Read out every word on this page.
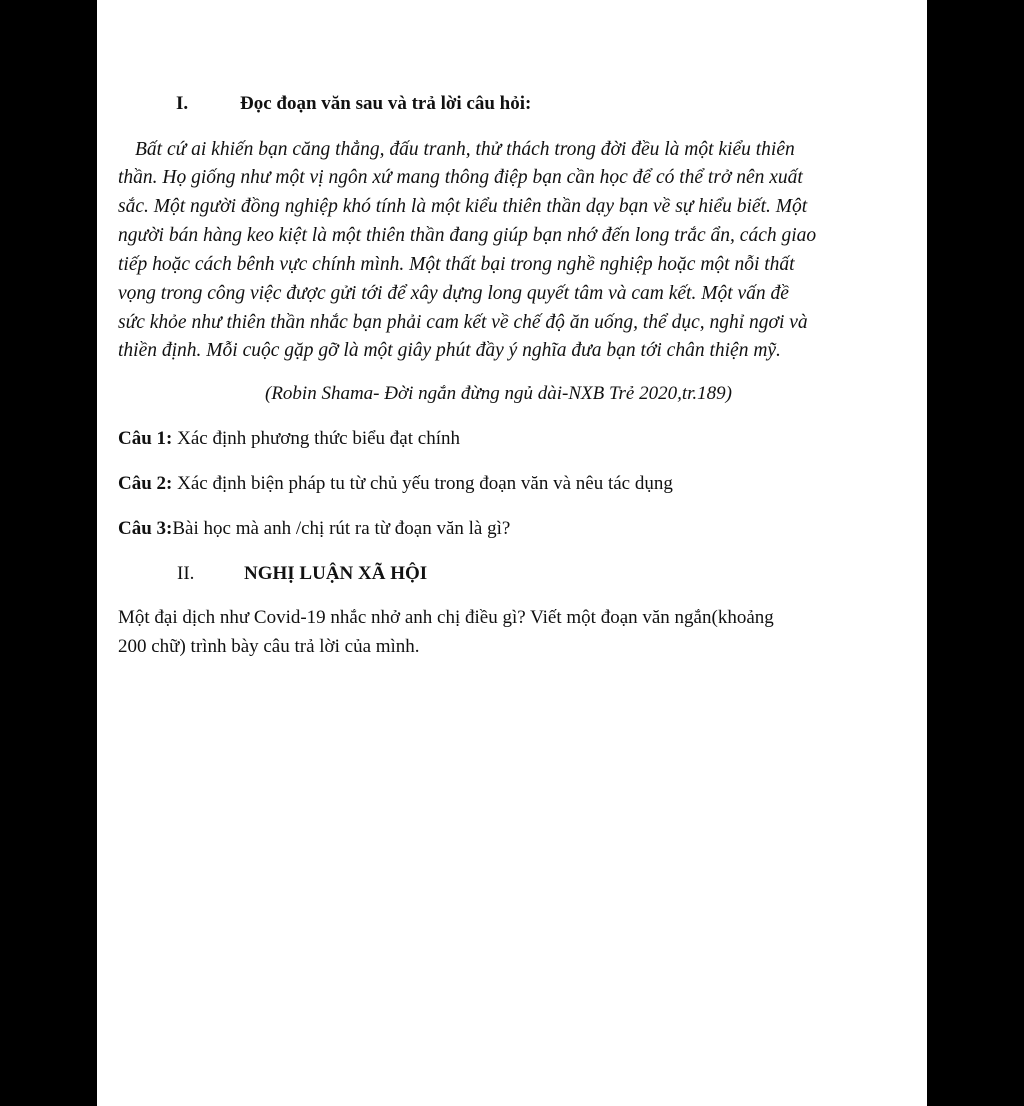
I.	Đọc đoạn văn sau và trả lời câu hỏi:
Bất cứ ai khiến bạn căng thẳng, đấu tranh, thử thách trong đời đều là một kiểu thiên
thần. Họ giống như một vị ngôn xứ mang thông điệp bạn cần học để có thể trở nên xuất
sắc. Một người đồng nghiệp khó tính là một kiểu thiên thần dạy bạn về sự hiểu biết. Một
người bán hàng keo kiệt là một thiên thần đang giúp bạn nhớ đến long trắc ẩn, cách giao
tiếp hoặc cách bênh vực chính mình. Một thất bại trong nghề nghiệp hoặc một nỗi thất
vọng trong công việc được gửi tới để xây dựng long quyết tâm và cam kết. Một vấn đề
sức khỏe như thiên thần nhắc bạn phải cam kết về chế độ ăn uống, thể dục, nghỉ ngơi và
thiền định. Mỗi cuộc gặp gỡ là một giây phút đầy ý nghĩa đưa bạn tới chân thiện mỹ.
(Robin Shama- Đời ngắn đừng ngủ dài-NXB Trẻ 2020,tr.189)
Câu 1: Xác định phương thức biểu đạt chính
Câu 2: Xác định biện pháp tu từ chủ yếu trong đoạn văn và nêu tác dụng
Câu 3:Bài học mà anh /chị rút ra từ đoạn văn là gì?
II.	NGHỊ LUẬN XÃ HỘI
Một đại dịch như Covid-19 nhắc nhở anh chị điều gì? Viết một đoạn văn ngắn(khoảng
200 chữ) trình bày câu trả lời của mình.
